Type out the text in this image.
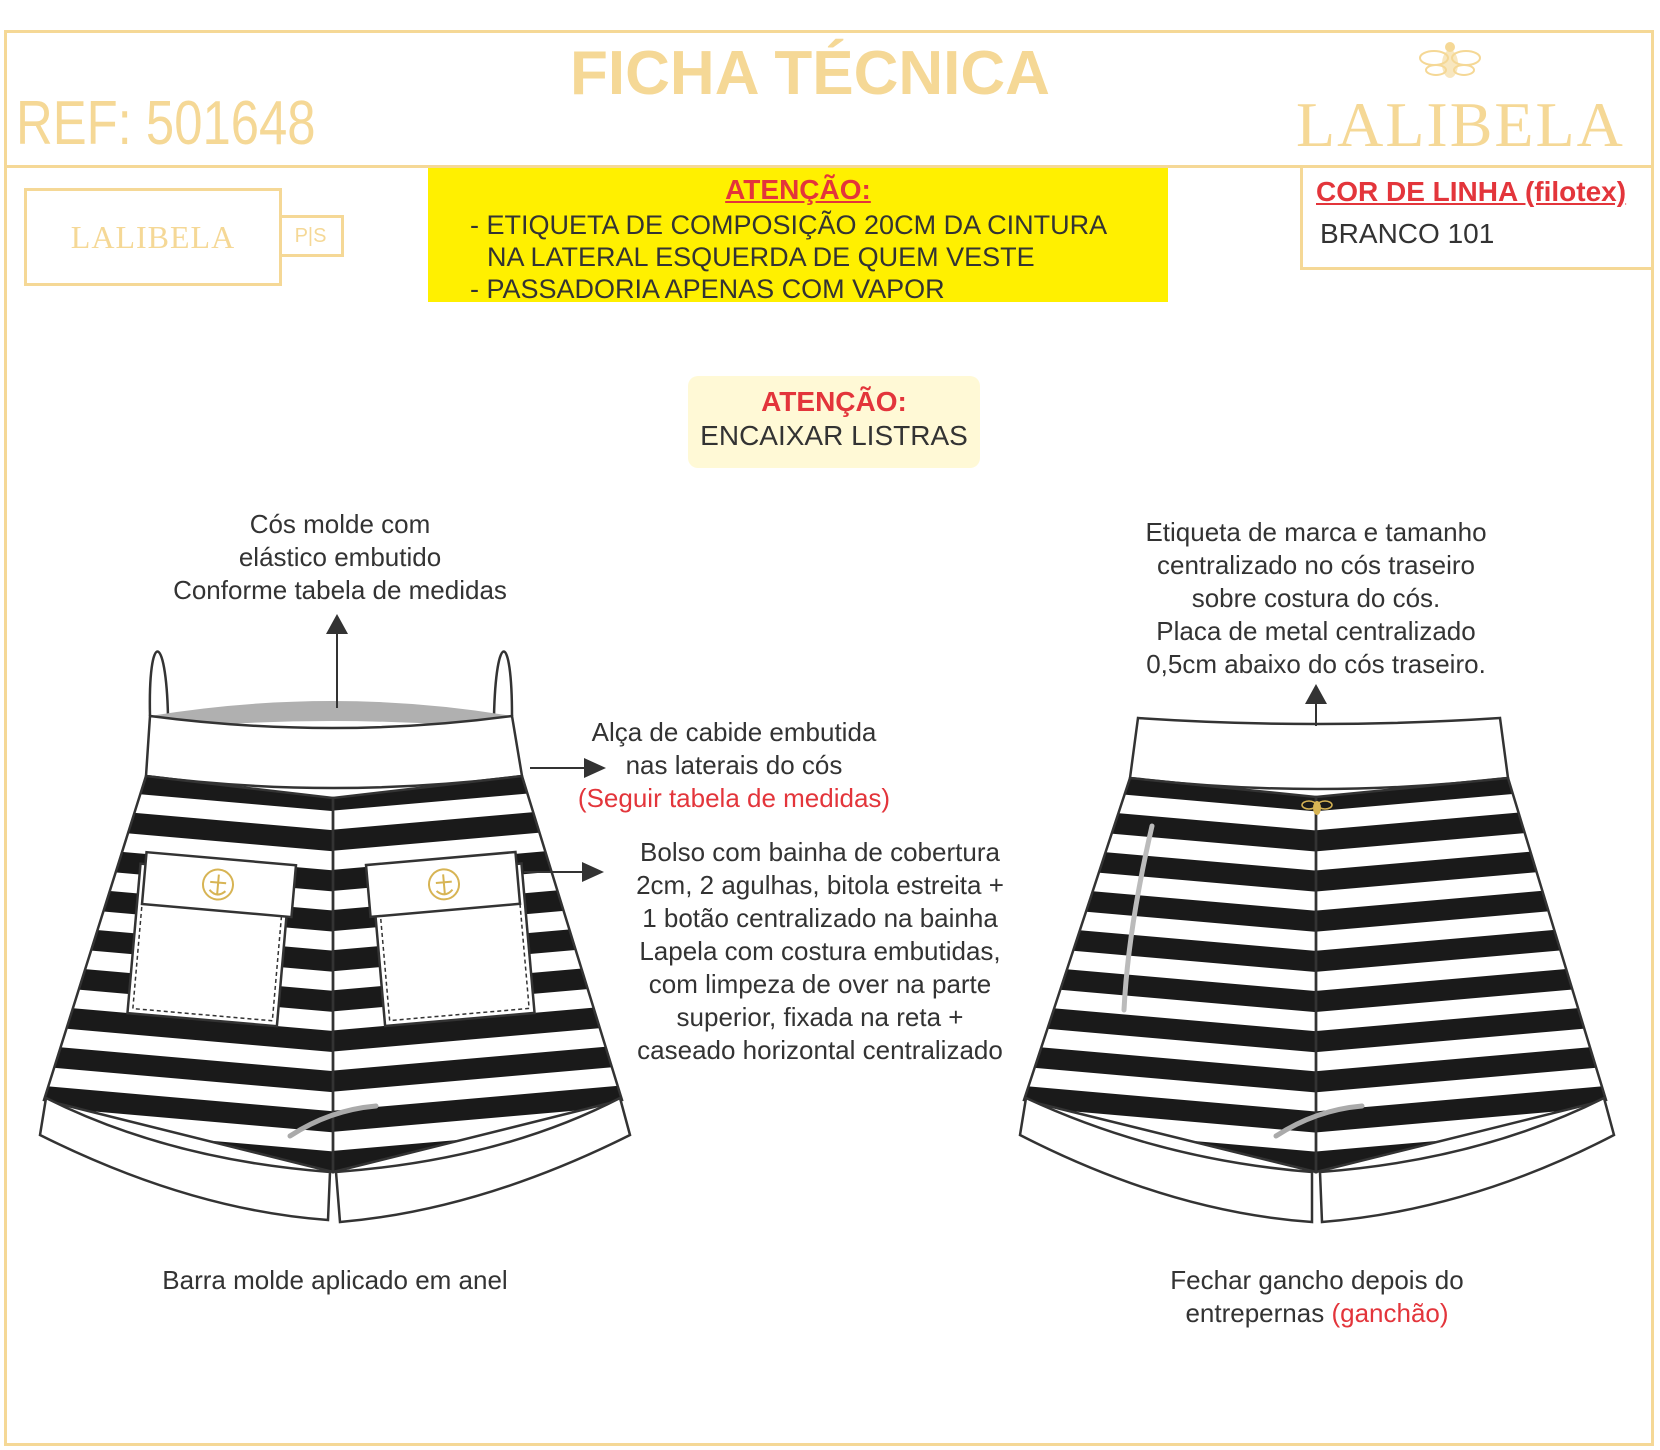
REF: 501648
FICHA TÉCNICA
LALIBELA
LALIBELA	P|S
ATENÇÃO:
- ETIQUETA DE COMPOSIÇÃO 20CM DA CINTURA
NA LATERAL ESQUERDA DE QUEM VESTE
- PASSADORIA APENAS COM VAPOR
COR DE LINHA (filotex)
BRANCO 101
ATENÇÃO:
ENCAIXAR LISTRAS
Cós molde com
elástico embutido
Conforme tabela de medidas
Alça de cabide embutida
nas laterais do cós
(Seguir tabela de medidas)
Bolso com bainha de cobertura
2cm, 2 agulhas, bitola estreita +
1 botão centralizado na bainha
Lapela com costura embutidas,
com limpeza de over na parte
superior, fixada na reta +
caseado horizontal centralizado
Etiqueta de marca e tamanho
centralizado no cós traseiro
sobre costura do cós.
Placa de metal centralizado
0,5cm abaixo do cós traseiro.
Barra molde aplicado em anel	Fechar gancho depois do
entrepernas (ganchão)
